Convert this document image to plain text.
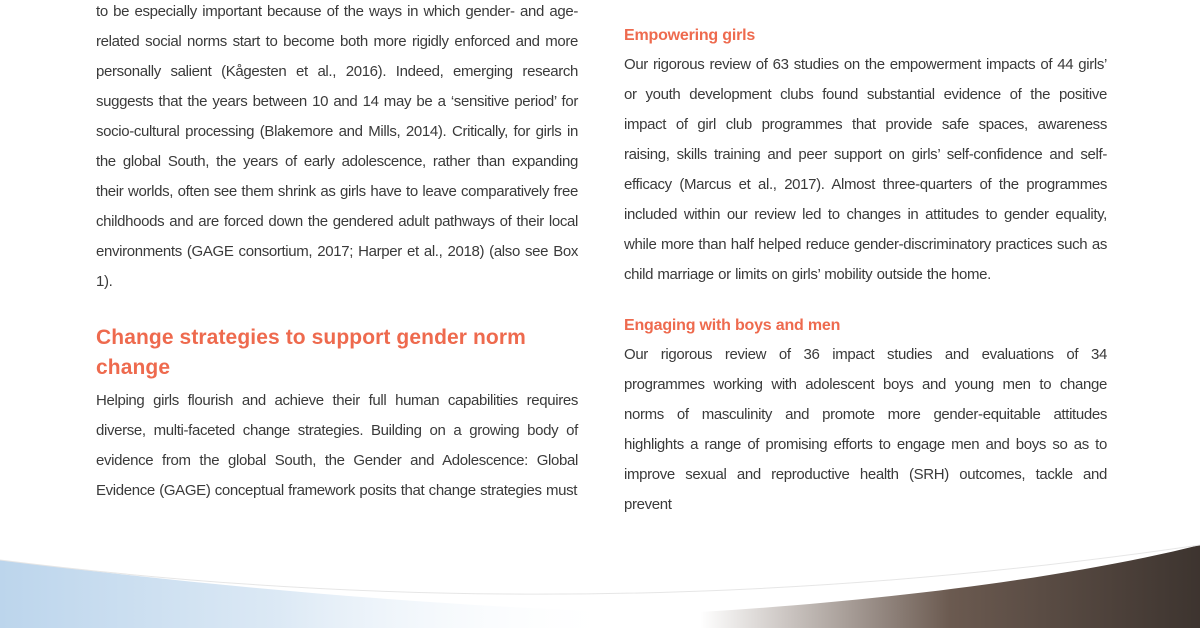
to be especially important because of the ways in which gender- and age-related social norms start to become both more rigidly enforced and more personally salient (Kågesten et al., 2016). Indeed, emerging research suggests that the years between 10 and 14 may be a ‘sensitive period’ for socio-cultural processing (Blakemore and Mills, 2014). Critically, for girls in the global South, the years of early adolescence, rather than expanding their worlds, often see them shrink as girls have to leave comparatively free childhoods and are forced down the gendered adult pathways of their local environments (GAGE consortium, 2017; Harper et al., 2018) (also see Box 1).

Change strategies to support gender norm change

Helping girls flourish and achieve their full human capabilities requires diverse, multi-faceted change strategies. Building on a growing body of evidence from the global South, the Gender and Adolescence: Global Evidence (GAGE) conceptual framework posits that change strategies must

Empowering girls

Our rigorous review of 63 studies on the empowerment impacts of 44 girls’ or youth development clubs found substantial evidence of the positive impact of girl club programmes that provide safe spaces, awareness raising, skills training and peer support on girls’ self-confidence and self-efficacy (Marcus et al., 2017). Almost three-quarters of the programmes included within our review led to changes in attitudes to gender equality, while more than half helped reduce gender-discriminatory practices such as child marriage or limits on girls’ mobility outside the home.

Engaging with boys and men

Our rigorous review of 36 impact studies and evaluations of 34 programmes working with adolescent boys and young men to change norms of masculinity and promote more gender-equitable attitudes highlights a range of promising efforts to engage men and boys so as to improve sexual and reproductive health (SRH) outcomes, tackle and prevent
